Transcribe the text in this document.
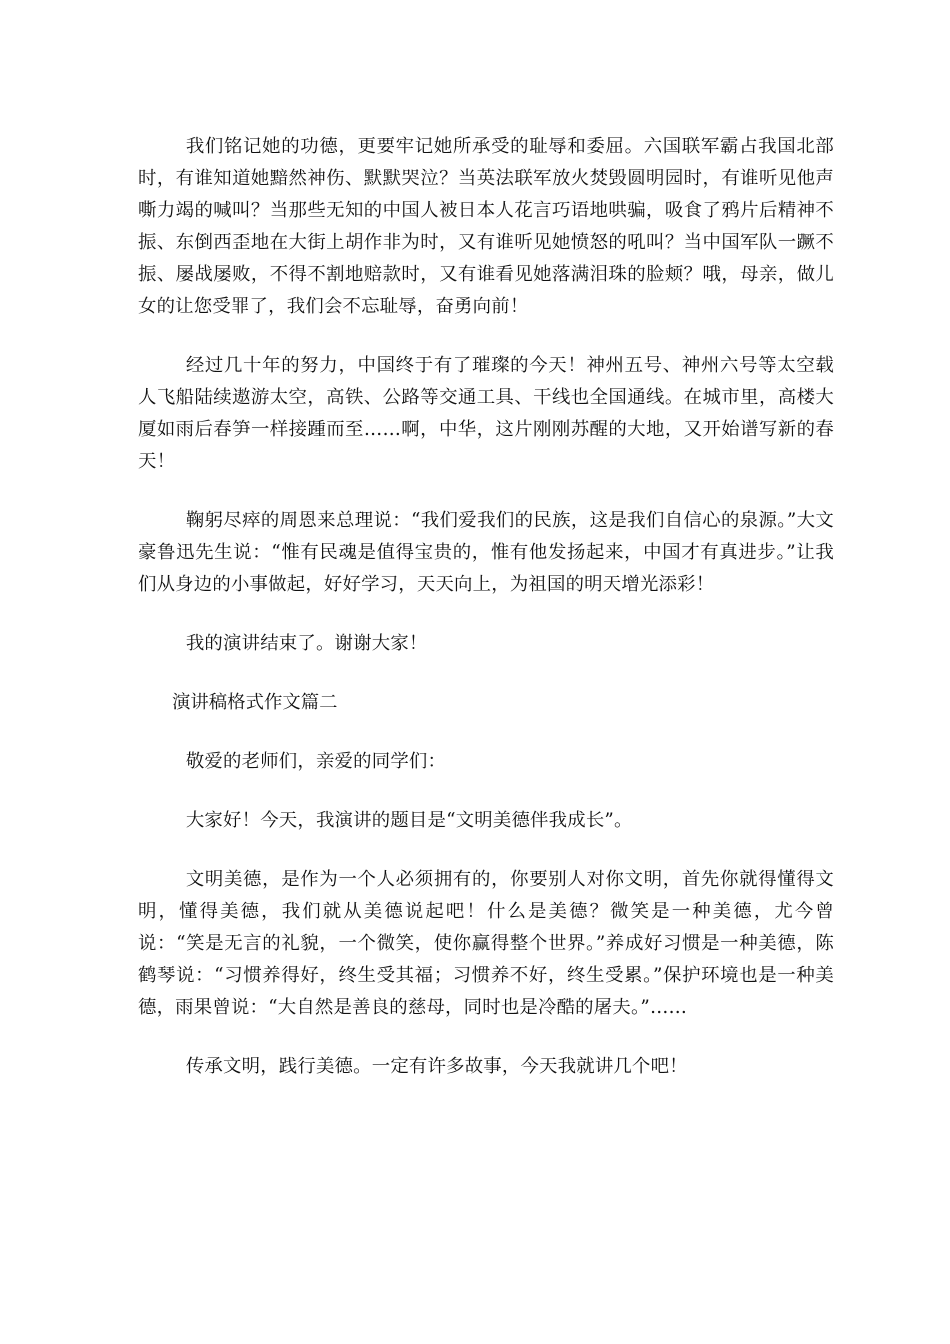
我们铭记她的功德，更要牢记她所承受的耻辱和委屈。六国联军霸占我国北部时，有谁知道她黯然神伤、默默哭泣？当英法联军放火焚毁圆明园时，有谁听见他声嘶力竭的喊叫？当那些无知的中国人被日本人花言巧语地哄骗，吸食了鸦片后精神不振、东倒西歪地在大街上胡作非为时，又有谁听见她愤怒的吼叫？当中国军队一蹶不振、屡战屡败，不得不割地赔款时，又有谁看见她落满泪珠的脸颊？哦，母亲，做儿女的让您受罪了，我们会不忘耻辱，奋勇向前！

经过几十年的努力，中国终于有了璀璨的今天！神州五号、神州六号等太空载人飞船陆续遨游太空，高铁、公路等交通工具、干线也全国通线。在城市里，高楼大厦如雨后春笋一样接踵而至……啊，中华，这片刚刚苏醒的大地，又开始谱写新的春天！

鞠躬尽瘁的周恩来总理说：“我们爱我们的民族，这是我们自信心的泉源。”大文豪鲁迅先生说：“惟有民魂是值得宝贵的，惟有他发扬起来，中国才有真进步。”让我们从身边的小事做起，好好学习，天天向上，为祖国的明天增光添彩！

我的演讲结束了。谢谢大家！

演讲稿格式作文篇二

敬爱的老师们，亲爱的同学们：

大家好！今天，我演讲的题目是“文明美德伴我成长”。

文明美德，是作为一个人必须拥有的，你要别人对你文明，首先你就得懂得文明，懂得美德，我们就从美德说起吧！什么是美德？微笑是一种美德，尤今曾说：“笑是无言的礼貌，一个微笑，使你赢得整个世界。”养成好习惯是一种美德，陈鹤琴说：“习惯养得好，终生受其福；习惯养不好，终生受累。”保护环境也是一种美德，雨果曾说：“大自然是善良的慈母，同时也是冷酷的屠夫。”……

传承文明，践行美德。一定有许多故事，今天我就讲几个吧！
